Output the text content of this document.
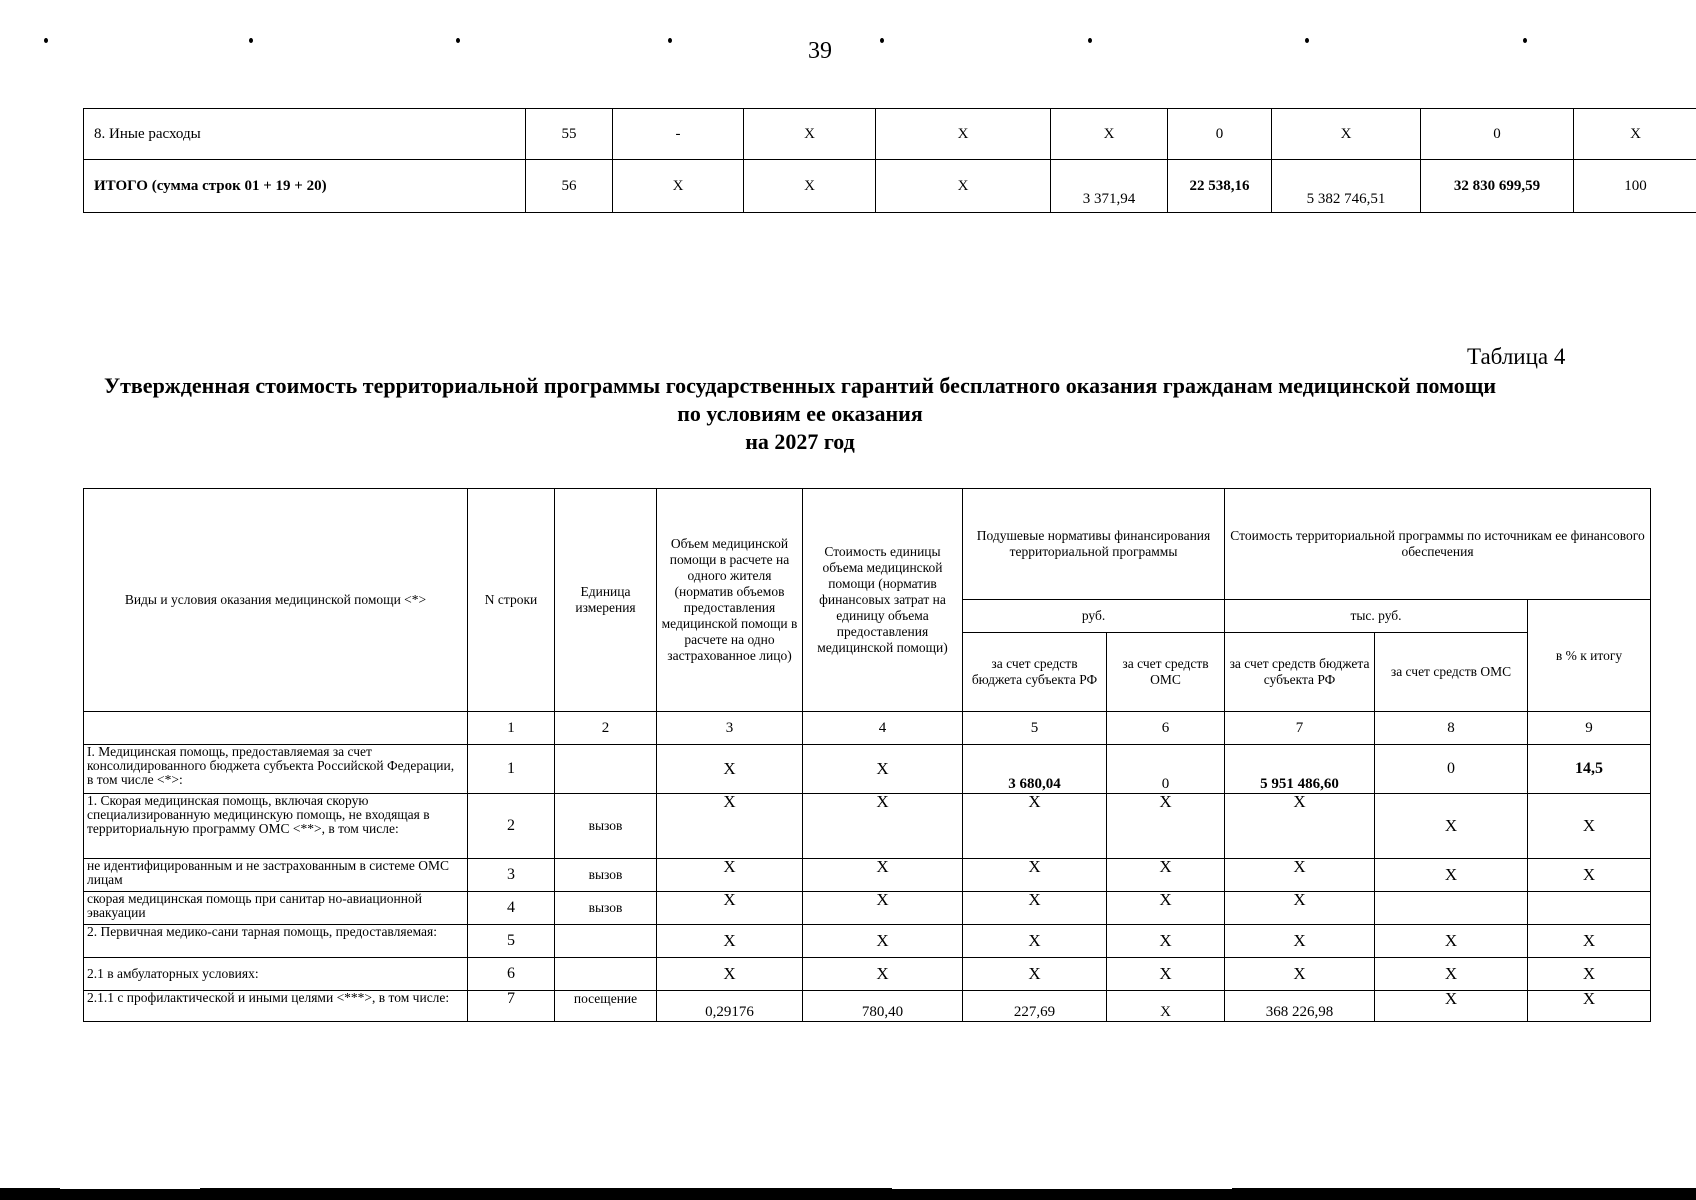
39
8. Иные расходы	55	-	Х	Х	Х	0	Х	0	Х
ИТОГО (сумма строк 01 + 19 + 20)	56	Х	Х	Х	3 371,94	22 538,16	5 382 746,51	32 830 699,59	100
Таблица 4
Утвержденная стоимость территориальной программы государственных гарантий бесплатного оказания гражданам медицинской помощи
по условиям ее оказания
на 2027 год
Виды и условия оказания медицинской помощи <*>	N строки	Единица измерения	Объем медицинской помощи в расчете на одного жителя (норматив объемов предоставления медицинской помощи в расчете на одно застрахованное лицо)	Стоимость единицы объема медицинской помощи (норматив финансовых затрат на единицу объема предоставления медицинской помощи)	Подушевые нормативы финансирования территориальной программы		Стоимость территориальной программы по источникам ее финансового обеспечения		
					руб.		тыс. руб.		в % к итогу
					за счет средств бюджета субъекта РФ	за счет средств ОМС	за счет средств бюджета субъекта РФ	за счет средств ОМС	
	1	2	3	4	5	6	7	8	9
I. Медицинская помощь, предоставляемая за счет консолидированного бюджета субъекта Российской Федерации, в том числе <*>:	1		Х	Х	3 680,04	0	5 951 486,60	0	14,5
1. Скорая медицинская помощь, включая скорую специализированную медицинскую помощь, не входящая в территориальную программу ОМС <**>, в том числе:	2	вызов	Х	Х	Х	Х	Х	Х	Х
не идентифицированным и не застрахованным в системе ОМС лицам	3	вызов	Х	Х	Х	Х	Х	Х	Х
скорая медицинская помощь при санитар но-авиационной эвакуации	4	вызов	Х	Х	Х	Х	Х		
2. Первичная медико-сани тарная помощь, предоставляемая:	5		Х	Х	Х	Х	Х	Х	Х
2.1 в амбулаторных условиях:	6		Х	Х	Х	Х	Х	Х	Х
2.1.1 с профилактической и иными целями <***>, в том числе:	7	посещение	0,29176	780,40	227,69	Х	368 226,98	Х	Х
